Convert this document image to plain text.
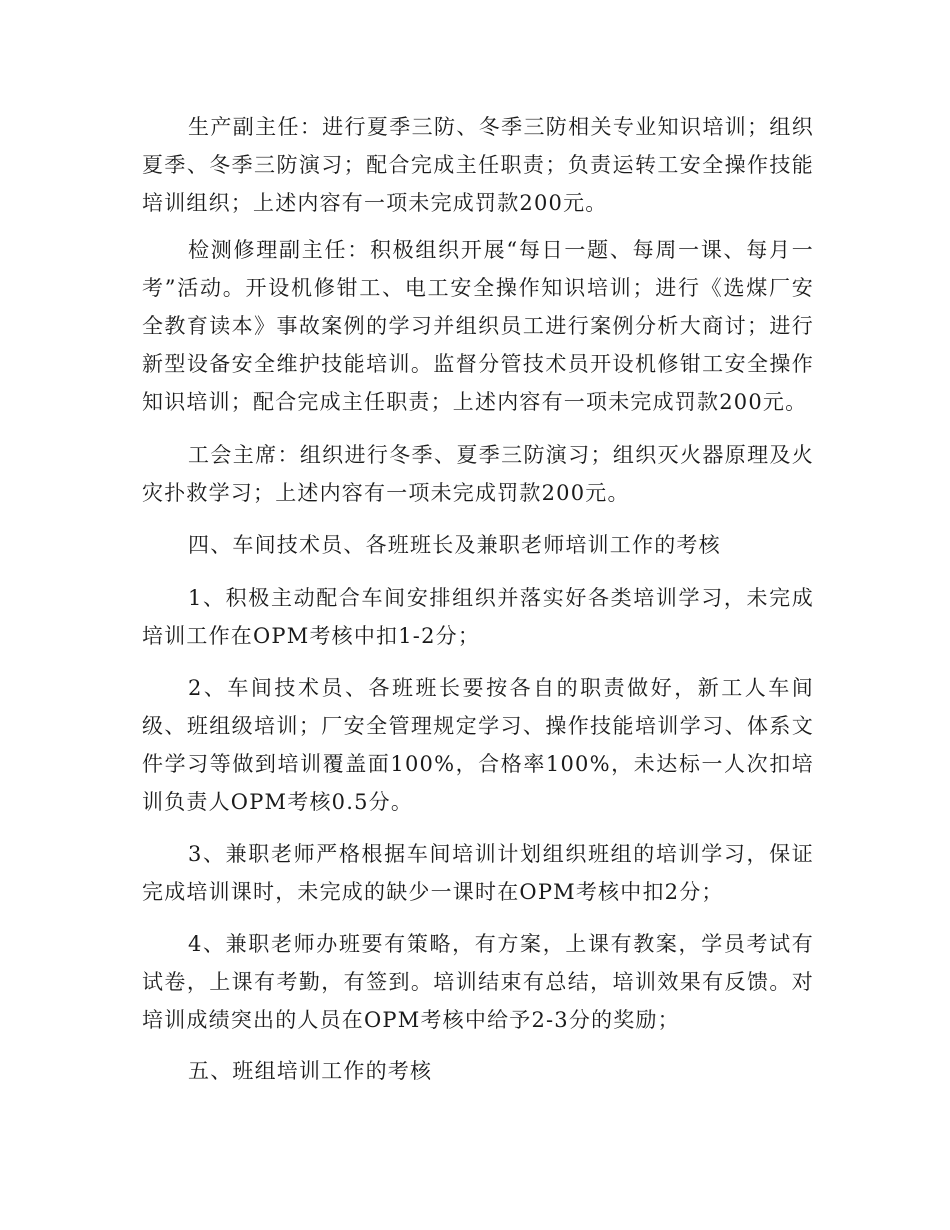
生产副主任：进行夏季三防、冬季三防相关专业知识培训；组织夏季、冬季三防演习；配合完成主任职责；负责运转工安全操作技能培训组织；上述内容有一项未完成罚款200元。

检测修理副主任：积极组织开展“每日一题、每周一课、每月一考”活动。开设机修钳工、电工安全操作知识培训；进行《选煤厂安全教育读本》事故案例的学习并组织员工进行案例分析大商讨；进行新型设备安全维护技能培训。监督分管技术员开设机修钳工安全操作知识培训；配合完成主任职责；上述内容有一项未完成罚款200元。

工会主席：组织进行冬季、夏季三防演习；组织灭火器原理及火灾扑救学习；上述内容有一项未完成罚款200元。

四、车间技术员、各班班长及兼职老师培训工作的考核

1、积极主动配合车间安排组织并落实好各类培训学习，未完成培训工作在OPM考核中扣1-2分；

2、车间技术员、各班班长要按各自的职责做好，新工人车间级、班组级培训；厂安全管理规定学习、操作技能培训学习、体系文件学习等做到培训覆盖面100%，合格率100%，未达标一人次扣培训负责人OPM考核0.5分。

3、兼职老师严格根据车间培训计划组织班组的培训学习，保证完成培训课时，未完成的缺少一课时在OPM考核中扣2分；

4、兼职老师办班要有策略，有方案，上课有教案，学员考试有试卷，上课有考勤，有签到。培训结束有总结，培训效果有反馈。对培训成绩突出的人员在OPM考核中给予2-3分的奖励；

五、班组培训工作的考核
